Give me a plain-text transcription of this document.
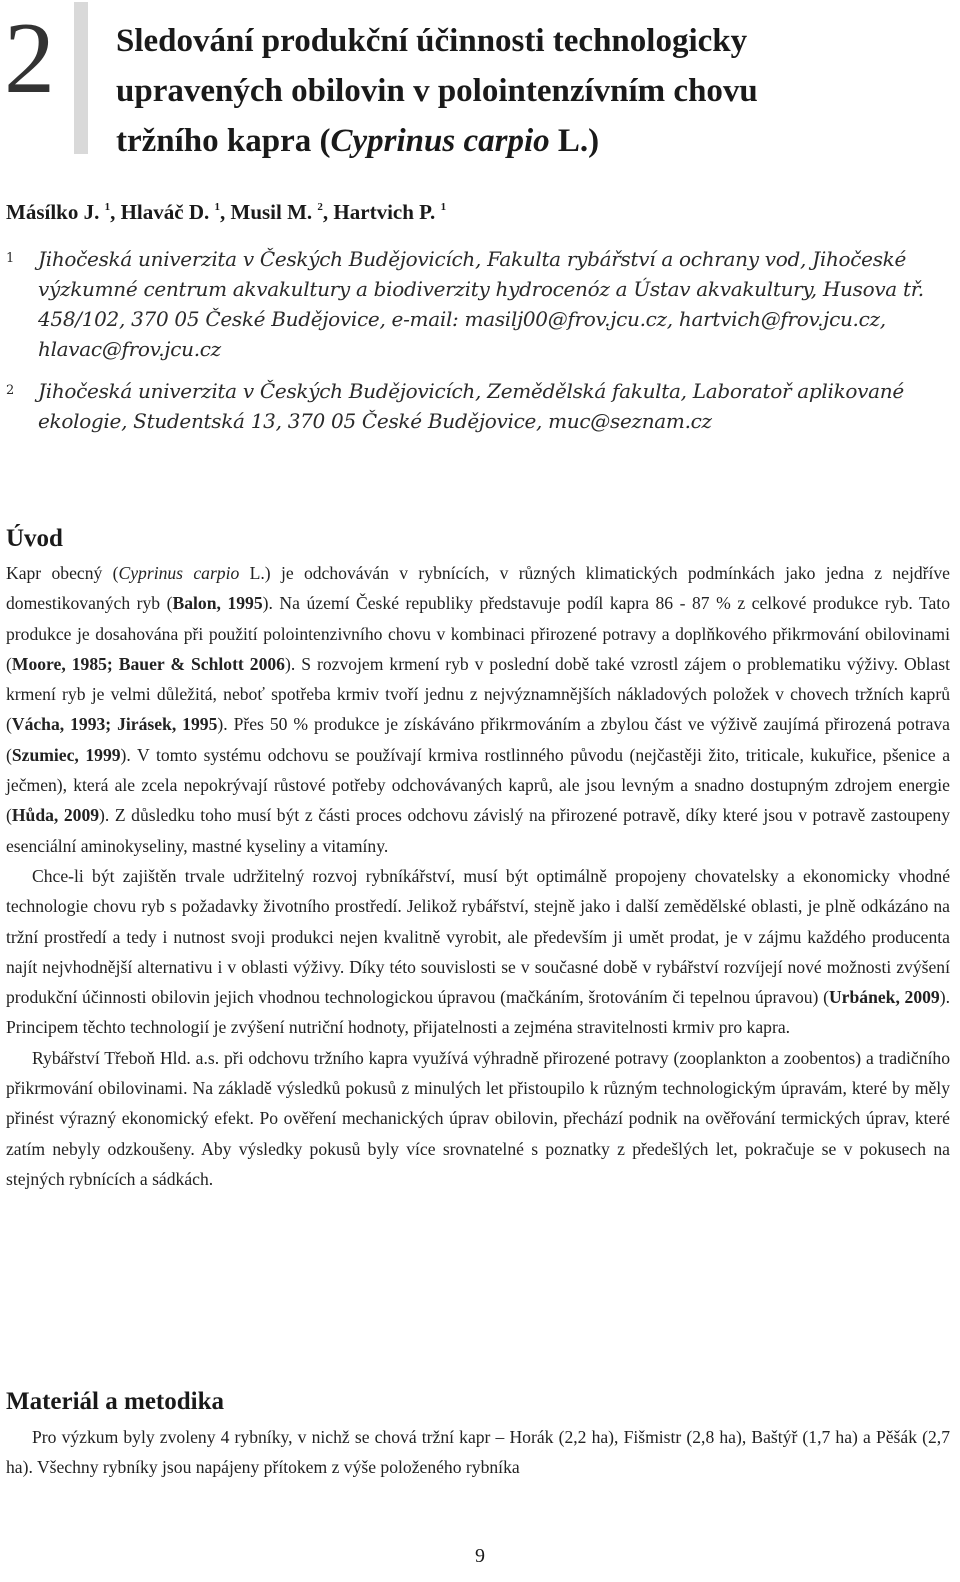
2 Sledování produkční účinnosti technologicky
upravených obilovin v polointenzívním chovu
tržního kapra (Cyprinus carpio L.)

Másílko J. $^1$, Hlaváč D. $^1$, Musil M. $^2$, Hartvich P. $^1$

1 Jihočeská univerzita v Českých Budějovicích, Fakulta rybářství a ochrany vod, Jihočeské výzkumné centrum akvakultury a biodiverzity hydrocenóz a Ústav akvakultury, Husova tř. 458/102, 370 05 České Budějovice, e-mail: masilj00@frov.jcu.cz, hartvich@frov.jcu.cz, hlavac@frov.jcu.cz
2 Jihočeská univerzita v Českých Budějovicích, Zemědělská fakulta, Laboratoř aplikované ekologie, Studentská 13, 370 05 České Budějovice, muc@seznam.cz
Úvod

Kapr obecný (Cyprinus carpio L.) je odchováván v rybnících, v různých klimatických podmínkách jako jedna z nejdříve domestikovaných ryb (Balon, 1995). Na území České republiky představuje podíl kapra 86 - 87 % z celkové produkce ryb. Tato produkce je dosahována při použití polointenzivního chovu v kombinaci přirozené potravy a doplňkového přikrmování obilovinami (Moore, 1985; Bauer & Schlott 2006). S rozvojem krmení ryb v poslední době také vzrostl zájem o problematiku výživy. Oblast krmení ryb je velmi důležitá, neboť spotřeba krmiv tvoří jednu z nejvýznamnějších nákladových položek v chovech tržních kaprů (Vácha, 1993; Jirásek, 1995). Přes 50 % produkce je získáváno přikrmováním a zbylou část ve výživě zaujímá přirozená potrava (Szumiec, 1999). V tomto systému odchovu se používají krmiva rostlinného původu (nejčastěji žito, triticale, kukuřice, pšenice a ječmen), která ale zcela nepokrývají růstové potřeby odchovávaných kaprů, ale jsou levným a snadno dostupným zdrojem energie (Hůda, 2009). Z důsledku toho musí být z části proces odchovu závislý na přirozené potravě, díky které jsou v potravě zastoupeny esenciální aminokyseliny, mastné kyseliny a vitamíny.

Chce-li být zajištěn trvale udržitelný rozvoj rybníkářství, musí být optimálně propojeny chovatelsky a ekonomicky vhodné technologie chovu ryb s požadavky životního prostředí. Jelikož rybářství, stejně jako i další zemědělské oblasti, je plně odkázáno na tržní prostředí a tedy i nutnost svoji produkci nejen kvalitně vyrobit, ale především ji umět prodat, je v zájmu každého producenta najít nejvhodnější alternativu i v oblasti výživy. Díky této souvislosti se v současné době v rybářství rozvíjejí nové možnosti zvýšení produkční účinnosti obilovin jejich vhodnou technologickou úpravou (mačkáním, šrotováním či tepelnou úpravou) (Urbánek, 2009). Principem těchto technologií je zvýšení nutriční hodnoty, přijatelnosti a zejména stravitelnosti krmiv pro kapra.

Rybářství Třeboň Hld. a.s. při odchovu tržního kapra využívá výhradně přirozené potravy (zooplankton a zoobentos) a tradičního přikrmování obilovinami. Na základě výsledků pokusů z minulých let přistoupilo k různým technologickým úpravám, které by měly přinést výrazný ekonomický efekt. Po ověření mechanických úprav obilovin, přechází podnik na ověřování termických úprav, které zatím nebyly odzkoušeny. Aby výsledky pokusů byly více srovnatelné s poznatky z předešlých let, pokračuje se v pokusech na stejných rybnících a sádkách.

Materiál a metodika

Pro výzkum byly zvoleny 4 rybníky, v nichž se chová tržní kapr – Horák (2,2 ha), Fišmistr (2,8 ha), Baštýř (1,7 ha) a Pěšák (2,7 ha). Všechny rybníky jsou napájeny přítokem z výše položeného rybníka

9
